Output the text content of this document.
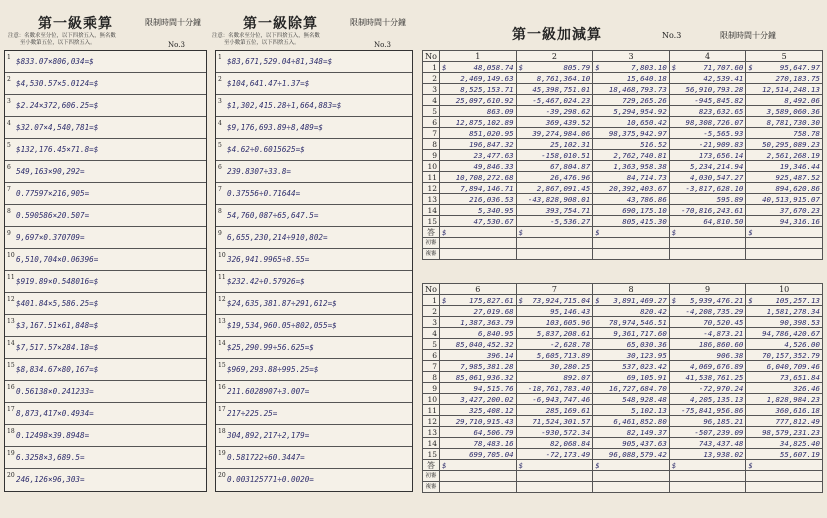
第一級乘算	限制時間十分鐘
注意：名數求至分位，以下四捨五入，無名數
至小數第五位，以下四捨五入。	No.3
1 $833.07×806,034=$
2 $4,530.57×5.0124=$
3 $2.24×372,606.25=$
4 $32.07×4,540,781=$
5 $132,176.45×71.8=$
6 549,163×90,292=
7 0.77597×216,905=
8 0.590586×20.507=
9 9,697×0.370709=
10 6,510,704×0.06396=
11 $919.89×0.548016=$
12 $401.84×5,586.25=$
13 $3,167.51×61,848=$
14 $7,517.57×284.18=$
15 $8,834.67×80,167=$
16 0.56138×0.241233=
17 8,873,417×0.4934=
18 0.12498×39.8948=
19 6.3258×3,689.5=
20 246,126×96,303=
第一級除算	限制時間十分鐘
注意：名數求至分位，以下四捨五入，無名數
至小數第五位，以下四捨五入。	No.3
1 $83,671,529.04÷81,348=$
2 $104,641.47÷1.37=$
3 $1,302,415.28÷1,664,883=$
4 $9,176,693.89÷8,489=$
5 $4.62÷0.6015625=$
6 239.8307÷33.8=
7 0.37556÷0.71644=
8 54,760,087÷65,647.5=
9 6,655,230,214÷910,802=
10 326,941.9965÷8.55=
11 $232.42÷0.57926=$
12 $24,635,381.87÷291,612=$
13 $19,534,960.05÷802,055=$
14 $25,290.99÷56.625=$
15 $969,293.88÷995.25=$
16 211.6028907÷3.007=
17 217÷225.25=
18 304,892,217÷2,179=
19 0.581722÷60.3447=
20 0.003125771÷0.0020=
第一級加減算	No.3	限制時間十分鐘
No	1	2	3	4	5
1	$ 48,058.74	$ 805.79	$ 7,803.10	$ 71,707.60	$ 95,647.97
2	2,469,149.63	8,761,364.10	15,640.18	42,539.41	270,183.75
3	8,525,153.71	45,398,751.01	18,468,793.73	56,910,793.28	12,514,248.13
4	25,097,610.92	-5,467,024.23	729,265.26	-945,845.82	8,492.06
5	863.09	-39,298.62	5,294,954.92	823,632.65	3,589,060.36
6	12,875,102.89	369,439.52	10,650.42	98,308,726.07	8,781,730.30
7	851,020.95	39,274,984.06	98,375,942.97	-5,565.93	758.78
8	196,847.32	25,102.31	516.52	-21,909.83	50,295,089.23
9	23,477.63	-158,010.51	2,762,740.81	173,656.14	2,561,268.19
10	49,846.33	67,804.87	1,363,958.38	5,234,214.94	19,346.44
11	10,708,272.68	26,476.96	84,714.73	4,030,547.27	925,487.52
12	7,894,146.71	2,867,091.45	20,392,403.67	-3,817,628.10	894,620.86
13	216,036.53	-43,828,908.01	43,786.86	595.89	40,513,915.07
14	5,340.95	393,754.71	690,175.10	-70,816,243.61	37,670.23
15	47,530.67	-5,536.27	805,415.30	64,810.50	94,316.16
答	$	$	$	$	$
初審					
複審					
No	6	7	8	9	10
1	$ 175,827.61	$ 73,924,715.04	$ 3,891,469.27	$ 5,939,476.21	$ 105,257.13
2	27,019.68	95,146.43	820.42	-4,208,735.29	1,581,278.34
3	1,387,363.79	103,605.96	78,974,546.51	70,520.45	90,398.53
4	6,840.95	5,837,208.61	9,361,717.60	-4,873.21	94,786,420.67
5	85,040,452.32	-2,628.78	65,030.36	186,860.60	4,526.00
6	396.14	5,605,713.89	30,123.95	906.38	70,157,352.79
7	7,985,381.28	30,280.25	537,023.42	4,069,676.89	6,040,709.46
8	85,061,936.32	892.07	69,105.91	41,538,761.25	73,651.84
9	94,515.76	-18,761,783.40	16,727,684.70	-72,970.24	326.46
10	3,427,200.02	-6,943,747.46	548,928.48	4,205,135.13	1,828,984.23
11	325,408.12	285,169.61	5,102.13	-75,841,956.86	360,616.18
12	29,710,915.43	71,524,301.57	6,461,852.80	96,185.21	777,812.49
13	64,506.79	-930,572.34	82,149.37	-507,239.09	98,579,231.23
14	78,483.16	82,068.84	905,437.63	743,437.48	34,825.40
15	699,705.04	-72,173.49	96,088,579.42	13,938.02	55,607.19
答	$	$	$	$	$
初審					
複審					
